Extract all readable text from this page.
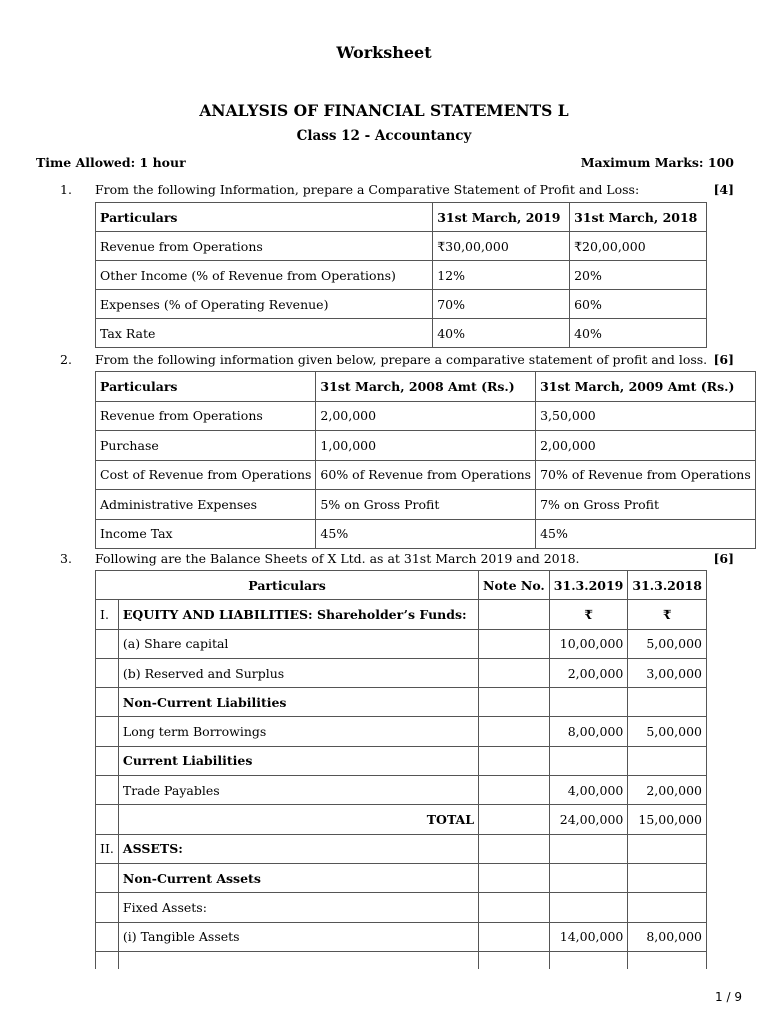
Worksheet
ANALYSIS OF FINANCIAL STATEMENTS L
Class 12 - Accountancy
Time Allowed: 1 hour	Maximum Marks: 100
1. From the following Information, prepare a Comparative Statement of Profit and Loss:	[4]
Particulars	31st March, 2019	31st March, 2018
Revenue from Operations	₹30,00,000	₹20,00,000
Other Income (% of Revenue from Operations)	12%	20%
Expenses (% of Operating Revenue)	70%	60%
Tax Rate	40%	40%
2. From the following information given below, prepare a comparative statement of profit and loss. [6]
Particulars	31st March, 2008 Amt (Rs.)	31st March, 2009 Amt (Rs.)
Revenue from Operations	2,00,000	3,50,000
Purchase	1,00,000	2,00,000
Cost of Revenue from Operations	60% of Revenue from Operations	70% of Revenue from Operations
Administrative Expenses	5% on Gross Profit	7% on Gross Profit
Income Tax	45%	45%
3. Following are the Balance Sheets of X Ltd. as at 31st March 2019 and 2018.	[6]
Particulars		Note No.	31.3.2019	31.3.2018
I.	EQUITY AND LIABILITIES: Shareholder’s Funds:		₹	₹
	(a) Share capital		10,00,000	5,00,000
	(b) Reserved and Surplus		2,00,000	3,00,000
	Non-Current Liabilities			
	Long term Borrowings		8,00,000	5,00,000
	Current Liabilities			
	Trade Payables		4,00,000	2,00,000
	TOTAL		24,00,000	15,00,000
II.	ASSETS:			
	Non-Current Assets			
	Fixed Assets:			
	(i) Tangible Assets		14,00,000	8,00,000

1 / 9
